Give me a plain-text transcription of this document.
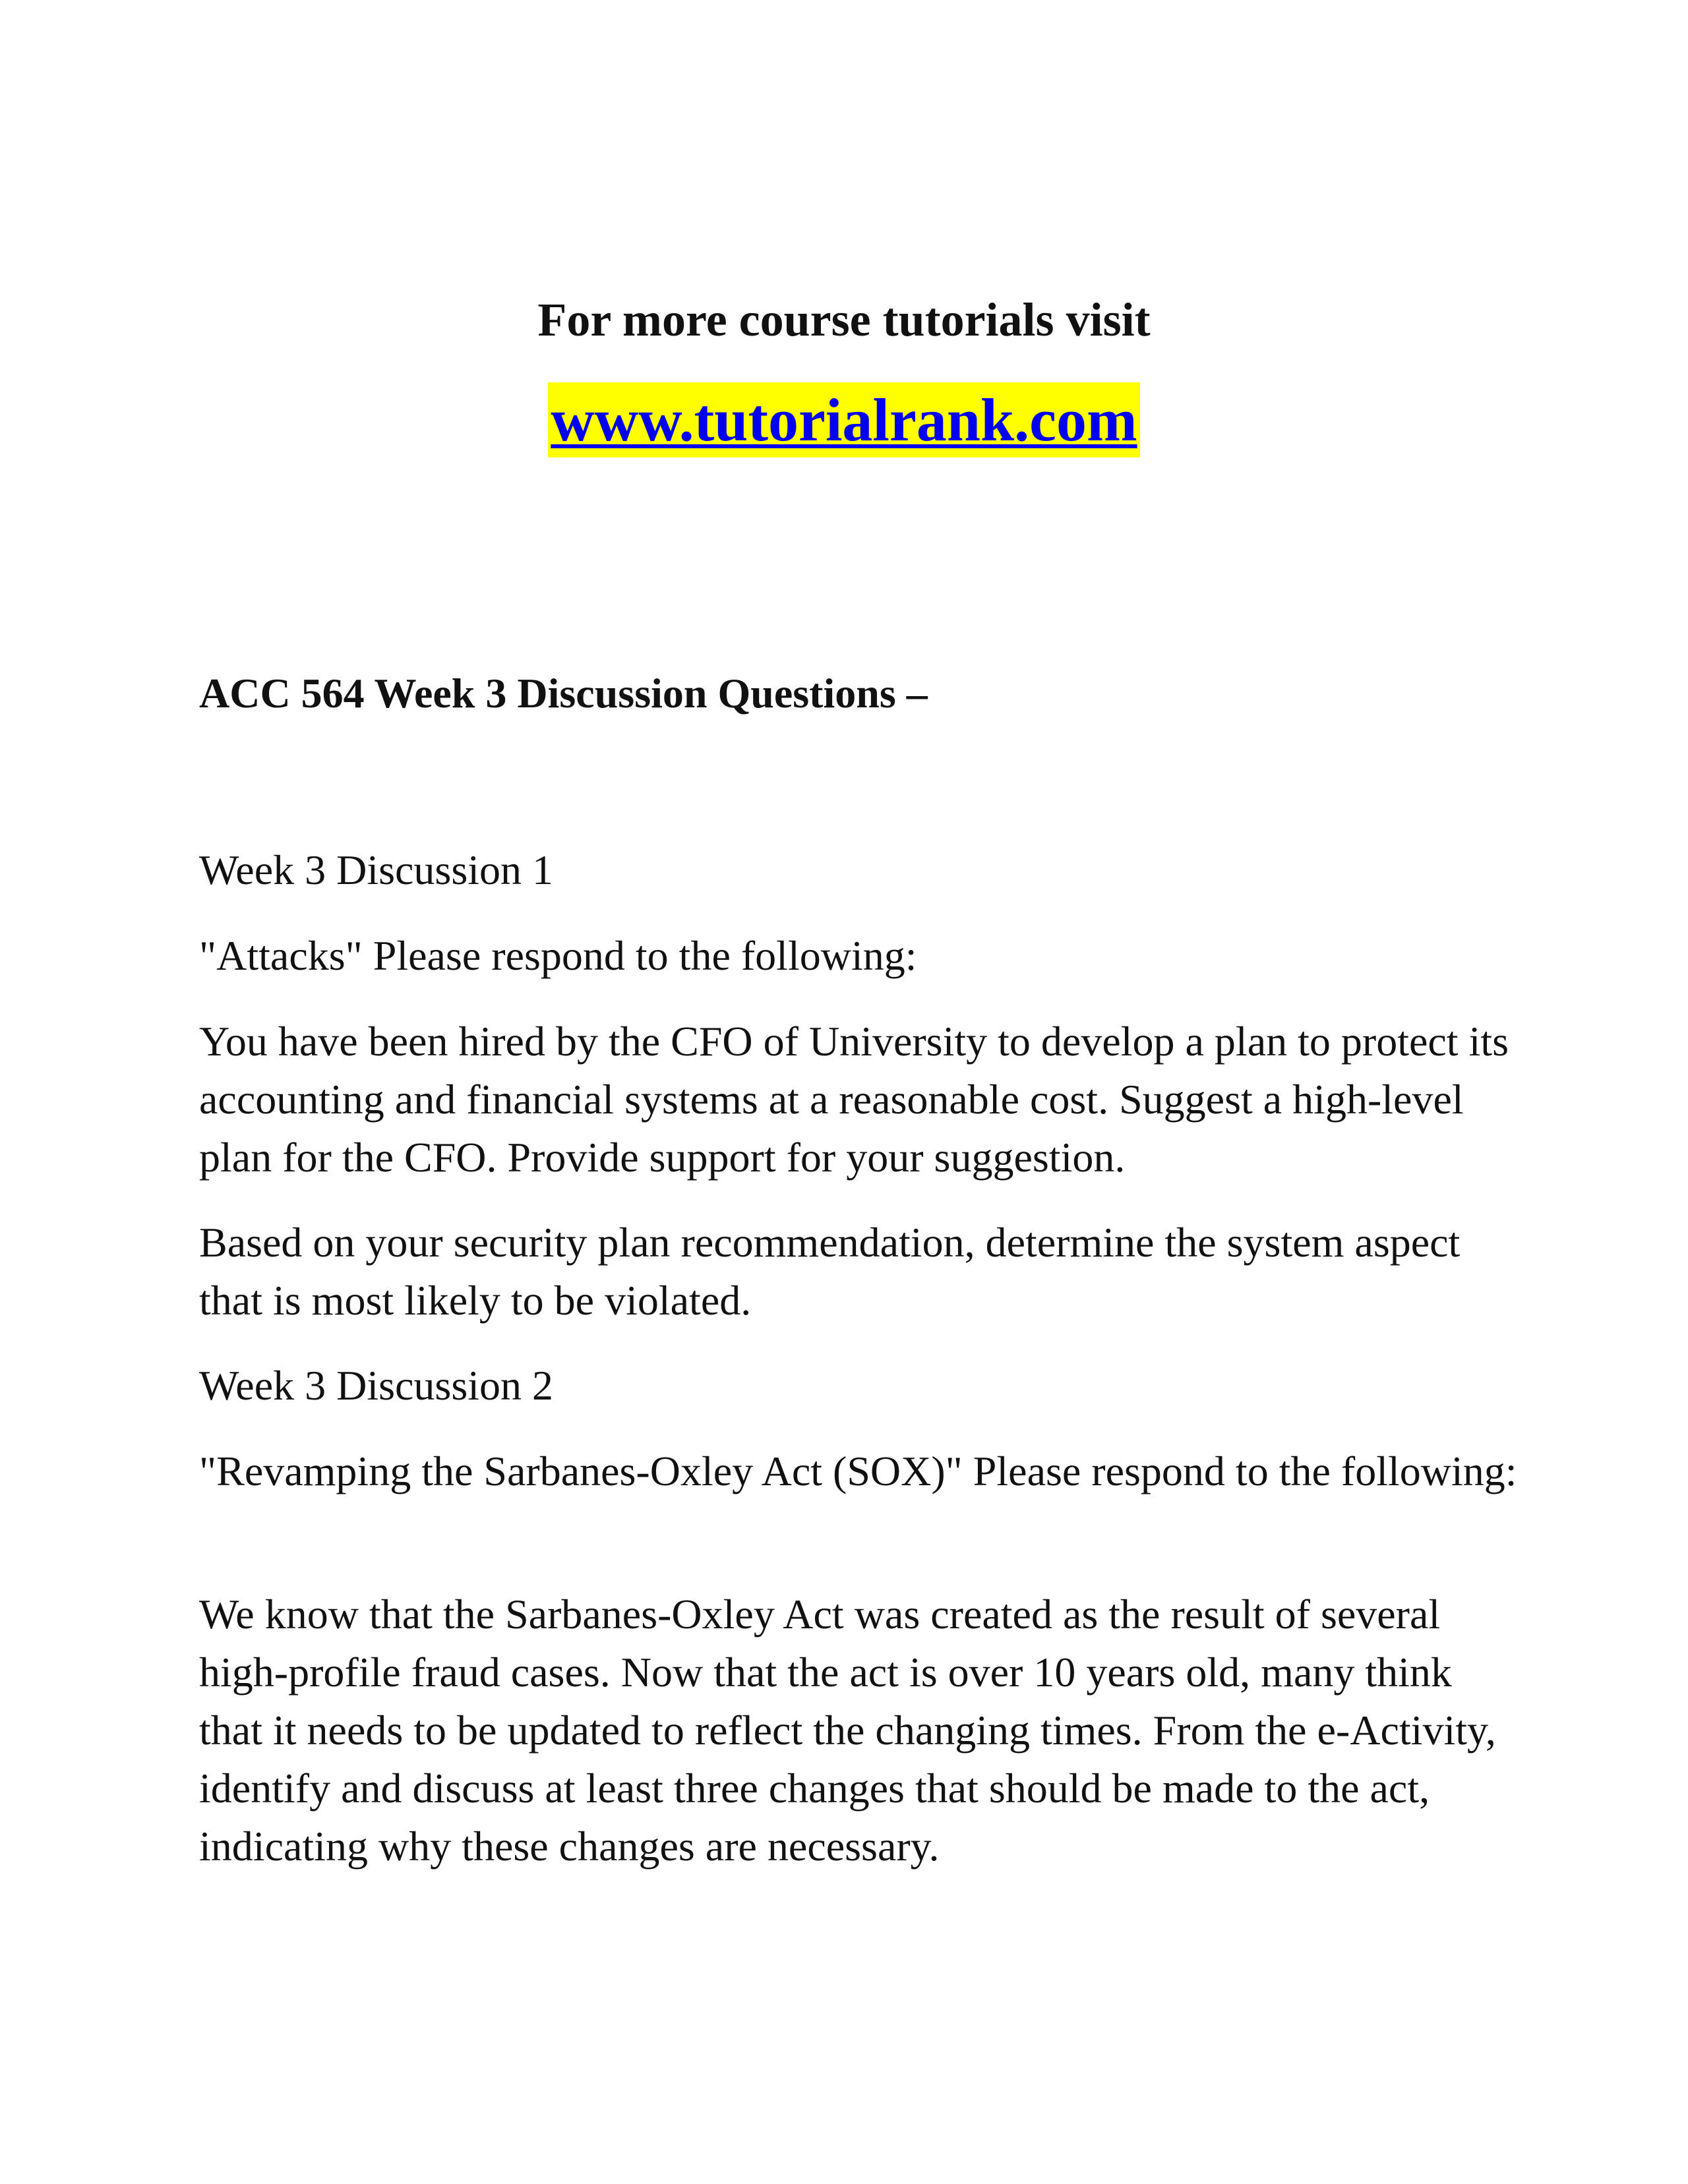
For more course tutorials visit
www.tutorialrank.com
ACC 564 Week 3 Discussion Questions –
Week 3 Discussion 1
"Attacks" Please respond to the following:
You have been hired by the CFO of University to develop a plan to protect its accounting and financial systems at a reasonable cost. Suggest a high-level plan for the CFO. Provide support for your suggestion.
Based on your security plan recommendation, determine the system aspect that is most likely to be violated.
Week 3 Discussion 2
"Revamping the Sarbanes-Oxley Act (SOX)" Please respond to the following:
We know that the Sarbanes-Oxley Act was created as the result of several high-profile fraud cases. Now that the act is over 10 years old, many think that it needs to be updated to reflect the changing times. From the e-Activity, identify and discuss at least three changes that should be made to the act, indicating why these changes are necessary.
